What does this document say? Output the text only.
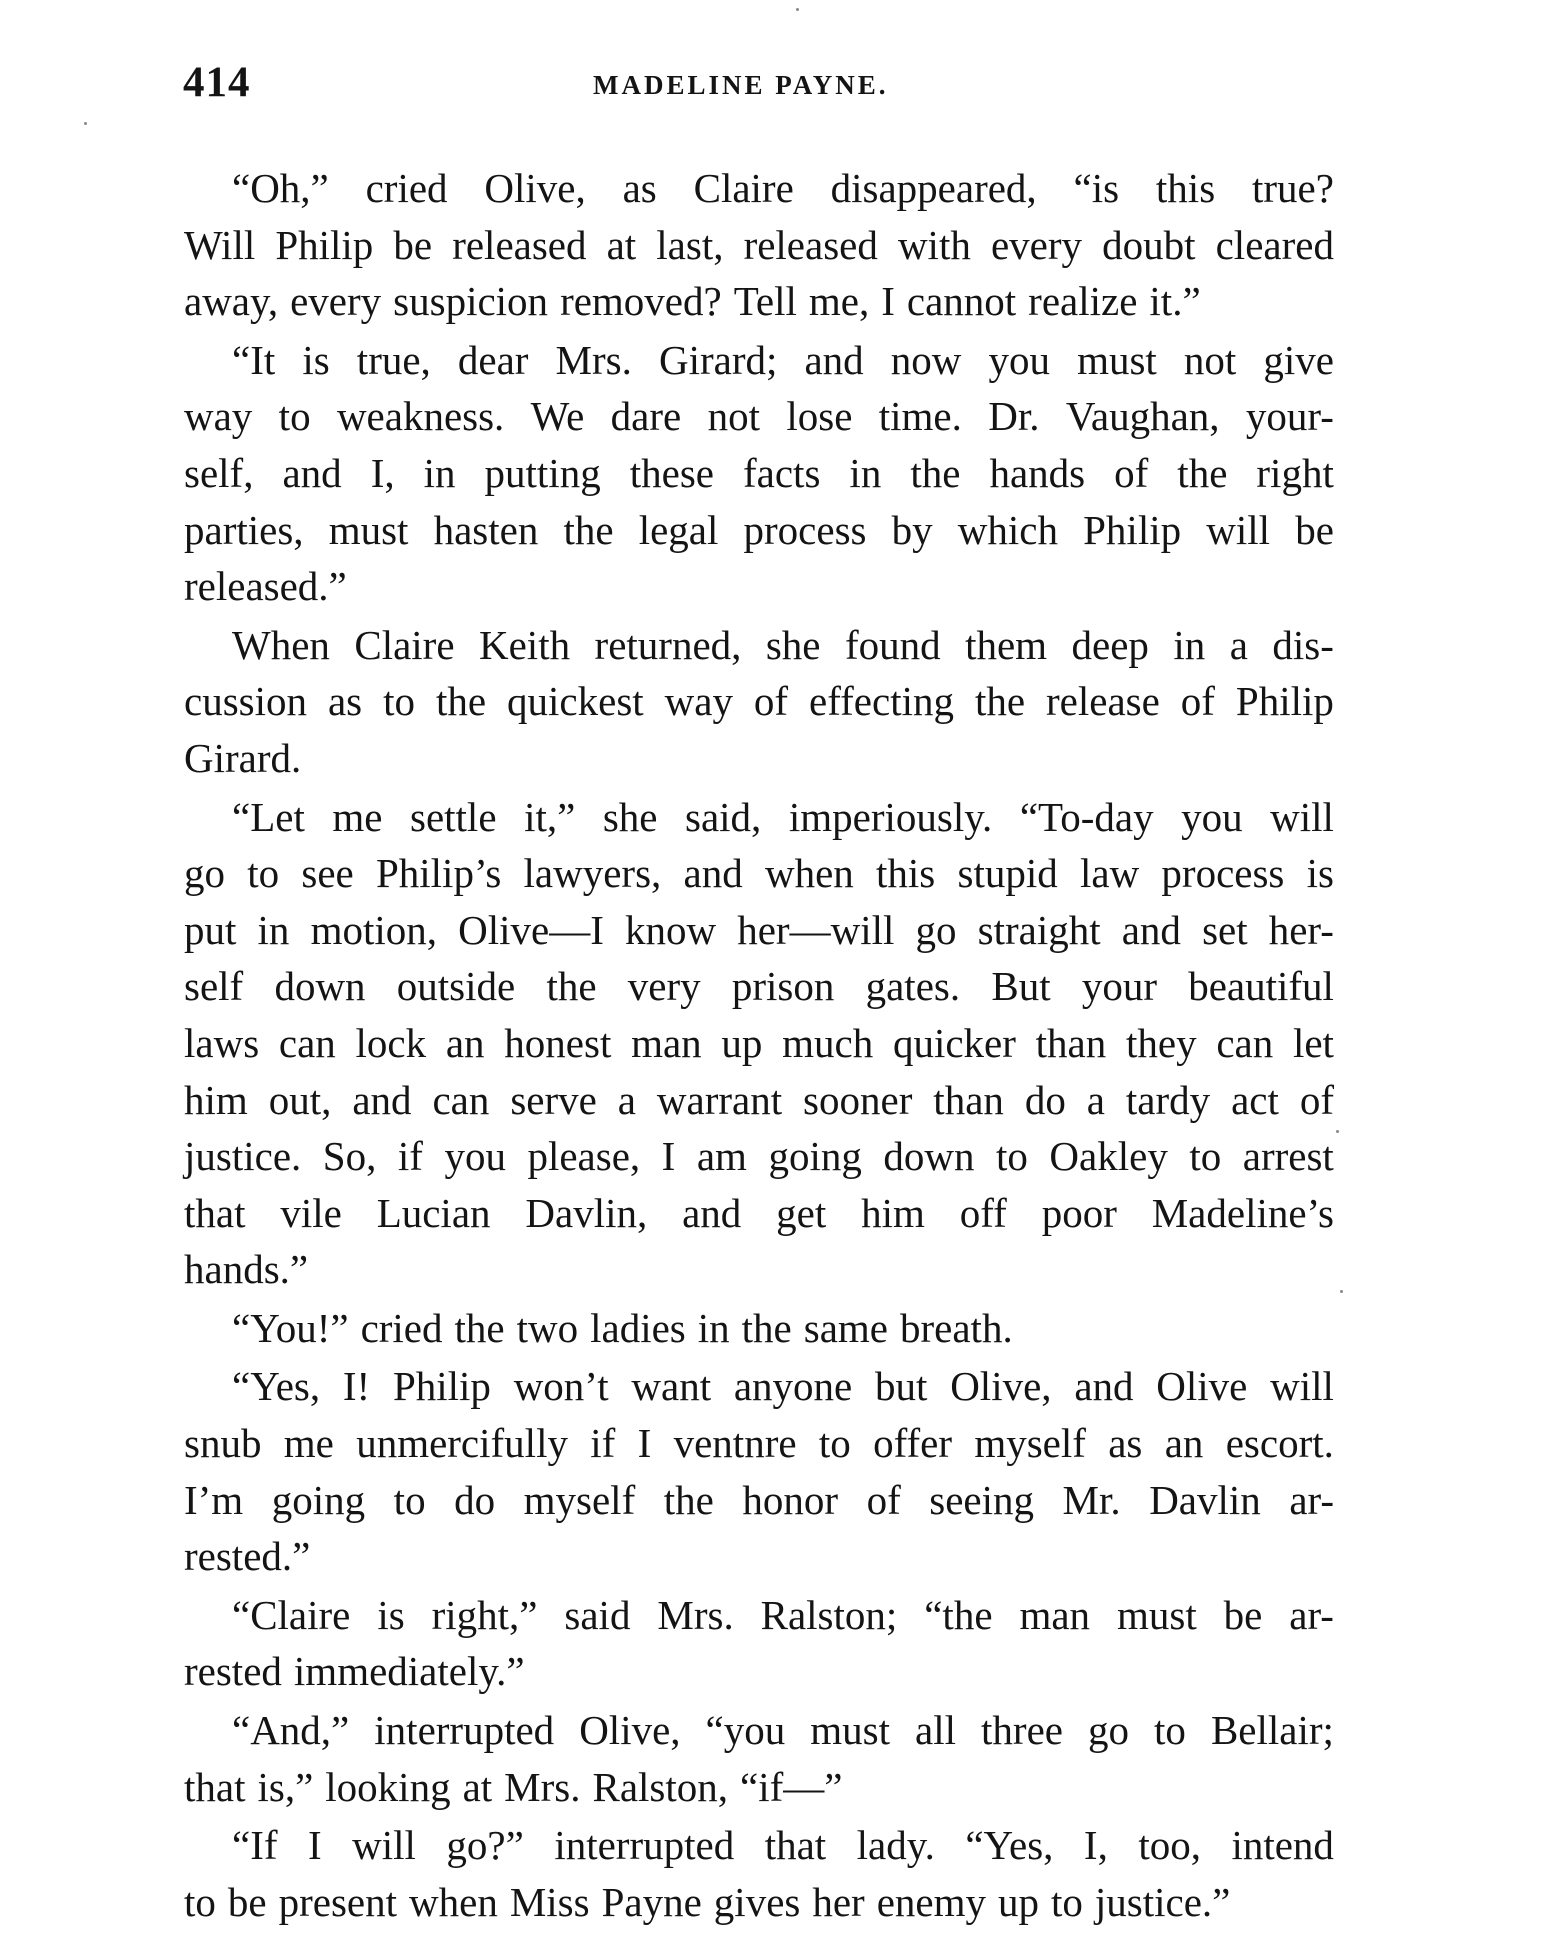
414	MADELINE PAYNE.
“Oh,” cried Olive, as Claire disappeared, “is this true?
Will Philip be released at last, released with every doubt cleared
away, every suspicion removed? Tell me, I cannot realize it.”
“It is true, dear Mrs. Girard; and now you must not give
way to weakness. We dare not lose time. Dr. Vaughan, your-
self, and I, in putting these facts in the hands of the right
parties, must hasten the legal process by which Philip will be
released.”
When Claire Keith returned, she found them deep in a dis-
cussion as to the quickest way of effecting the release of Philip
Girard.
“Let me settle it,” she said, imperiously. “To-day you will
go to see Philip’s lawyers, and when this stupid law process is
put in motion, Olive—I know her—will go straight and set her-
self down outside the very prison gates. But your beautiful
laws can lock an honest man up much quicker than they can let
him out, and can serve a warrant sooner than do a tardy act of
justice. So, if you please, I am going down to Oakley to arrest
that vile Lucian Davlin, and get him off poor Madeline’s
hands.”
“You!” cried the two ladies in the same breath.
“Yes, I! Philip won’t want anyone but Olive, and Olive will
snub me unmercifully if I ventnre to offer myself as an escort.
I’m going to do myself the honor of seeing Mr. Davlin ar-
rested.”
“Claire is right,” said Mrs. Ralston; “the man must be ar-
rested immediately.”
“And,” interrupted Olive, “you must all three go to Bellair;
that is,” looking at Mrs. Ralston, “if—”
“If I will go?” interrupted that lady. “Yes, I, too, intend
to be present when Miss Payne gives her enemy up to justice.”
